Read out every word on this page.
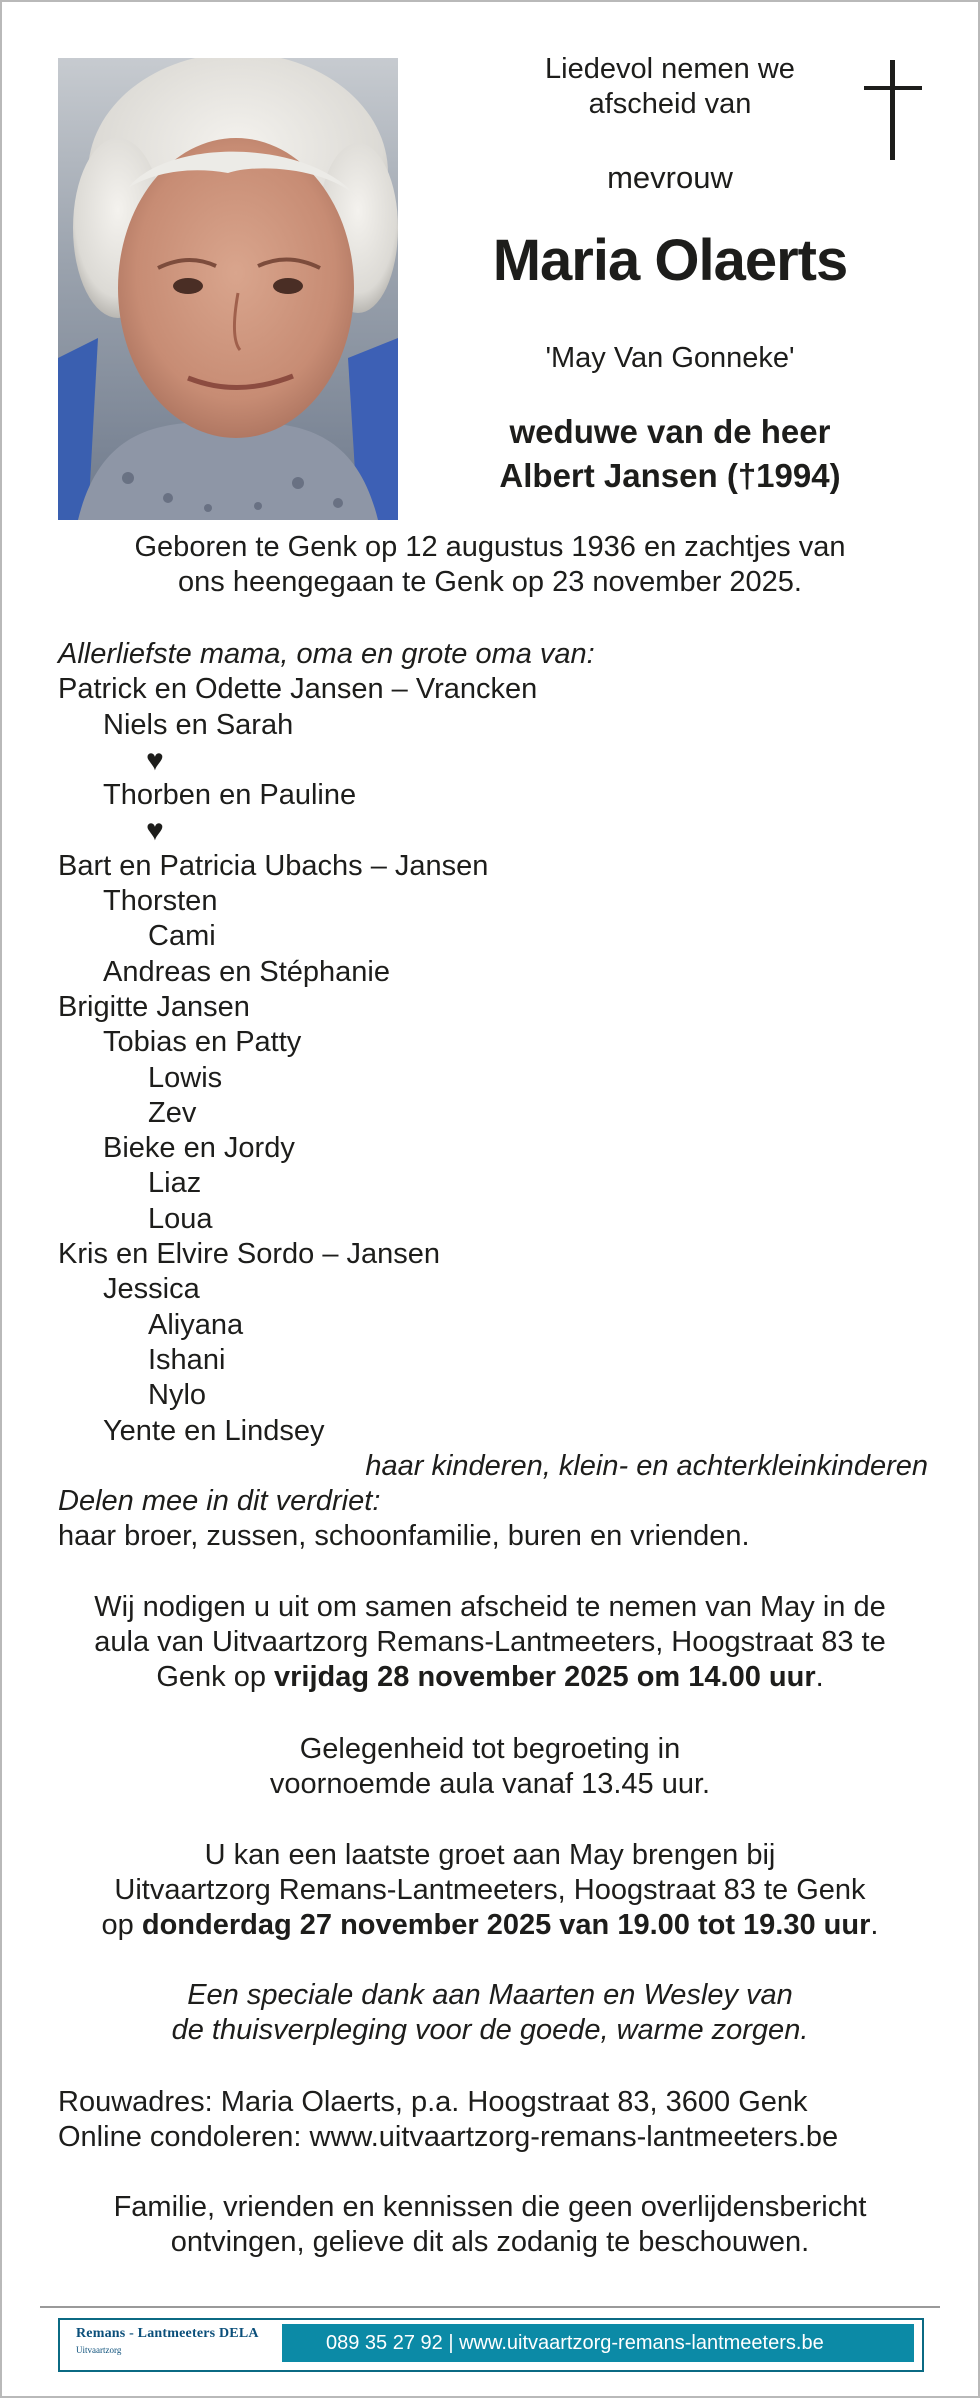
Liedevol nemen we
afscheid van
mevrouw
Maria Olaerts
'May Van Gonneke'
weduwe van de heer
Albert Jansen (†1994)
Geboren te Genk op 12 augustus 1936 en zachtjes van
ons heengegaan te Genk op 23 november 2025.
Allerliefste mama, oma en grote oma van:
Patrick en Odette Jansen – Vrancken
Niels en Sarah
♥
Thorben en Pauline
♥
Bart en Patricia Ubachs – Jansen
Thorsten
Cami
Andreas en Stéphanie
Brigitte Jansen
Tobias en Patty
Lowis
Zev
Bieke en Jordy
Liaz
Loua
Kris en Elvire Sordo – Jansen
Jessica
Aliyana
Ishani
Nylo
Yente en Lindsey
haar kinderen, klein- en achterkleinkinderen
Delen mee in dit verdriet:
haar broer, zussen, schoonfamilie, buren en vrienden.
Wij nodigen u uit om samen afscheid te nemen van May in de
aula van Uitvaartzorg Remans-Lantmeeters, Hoogstraat 83 te
Genk op vrijdag 28 november 2025 om 14.00 uur.
Gelegenheid tot begroeting in
voornoemde aula vanaf 13.45 uur.
U kan een laatste groet aan May brengen bij
Uitvaartzorg Remans-Lantmeeters, Hoogstraat 83 te Genk
op donderdag 27 november 2025 van 19.00 tot 19.30 uur.
Een speciale dank aan Maarten en Wesley van
de thuisverpleging voor de goede, warme zorgen.
Rouwadres: Maria Olaerts, p.a. Hoogstraat 83, 3600 Genk
Online condoleren: www.uitvaartzorg-remans-lantmeeters.be
Familie, vrienden en kennissen die geen overlijdensbericht
ontvingen, gelieve dit als zodanig te beschouwen.
Remans - Lantmeeters DELA
Uitvaartzorg	089 35 27 92 | www.uitvaartzorg-remans-lantmeeters.be
